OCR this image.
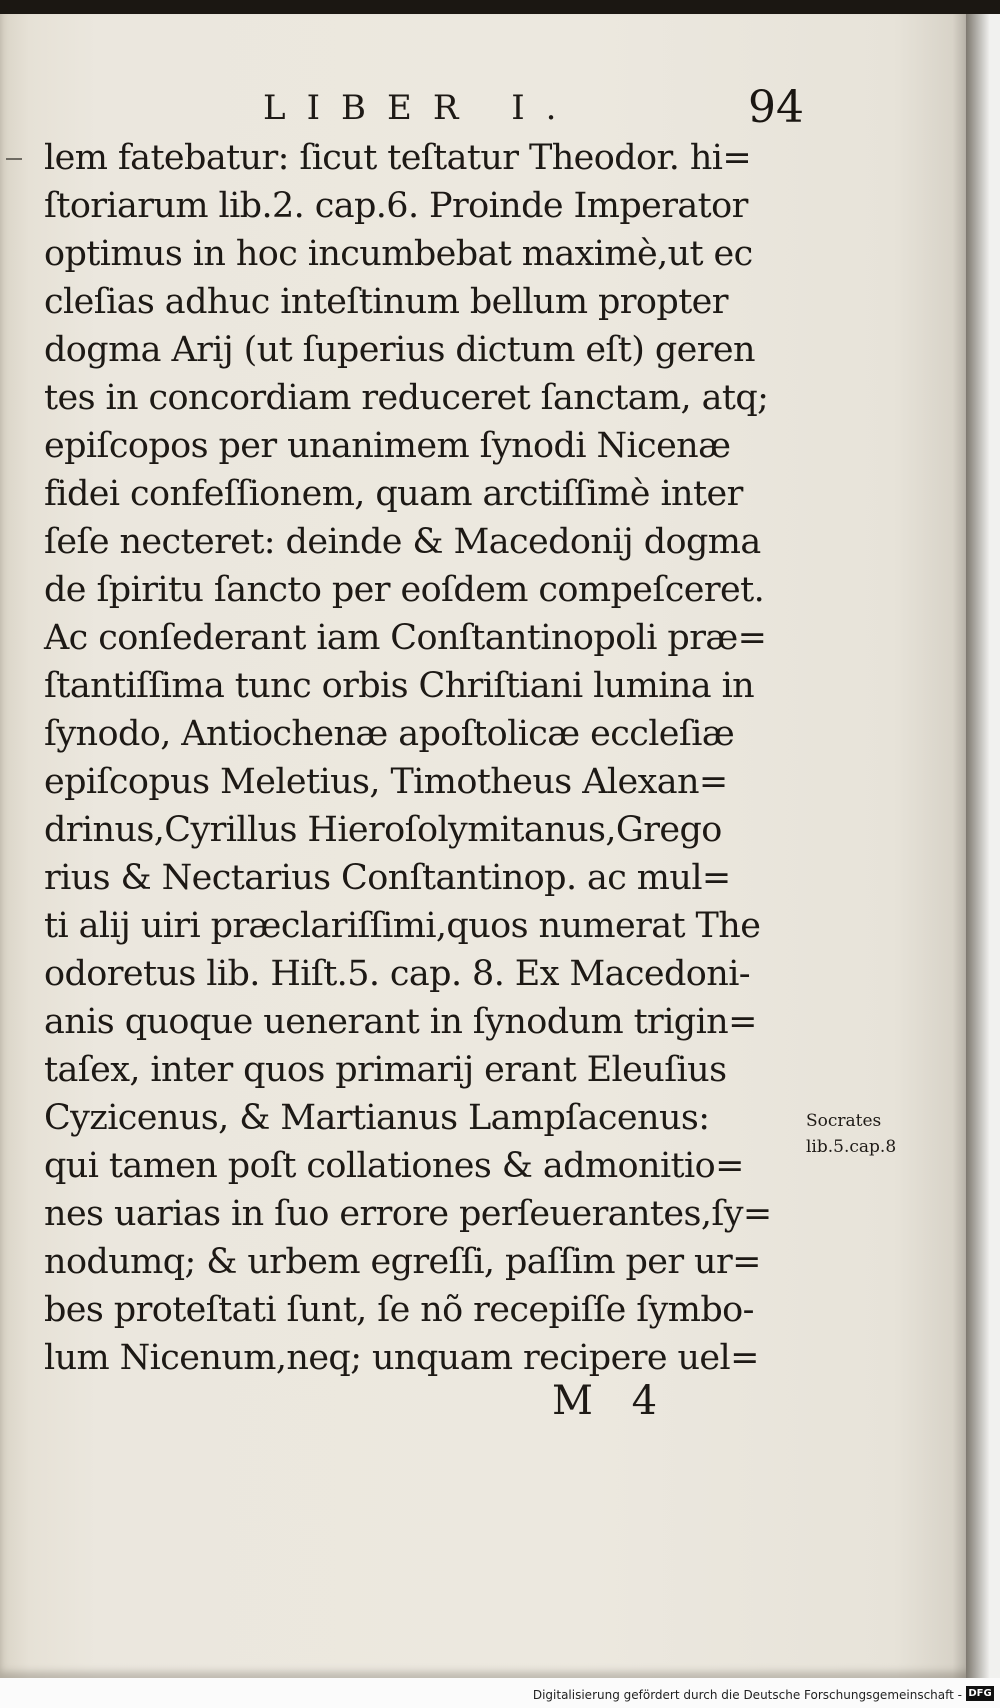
LIBER I.	94
lem fatebatur: ſicut teſtatur Theodor. hi=
ſtoriarum lib.2. cap.6. Proinde Imperator
optimus in hoc incumbebat maximè,ut ec
cleſias adhuc inteſtinum bellum propter
dogma Arij (ut ſuperius dictum eſt) geren
tes in concordiam reduceret ſanctam, atq;
epiſcopos per unanimem ſynodi Nicenæ
fidei confeſſionem, quam arctiſſimè inter
ſeſe necteret: deinde & Macedonij dogma
de ſpiritu ſancto per eoſdem compeſceret.
Ac conſederant iam Conſtantinopoli præ=
ſtantiſſima tunc orbis Chriſtiani lumina in
ſynodo, Antiochenæ apoſtolicæ eccleſiæ
epiſcopus Meletius, Timotheus Alexan=
drinus,Cyrillus Hieroſolymitanus,Grego
rius & Nectarius Conſtantinop. ac mul=
ti alij uiri præclariſſimi,quos numerat The
odoretus lib. Hiſt.5. cap. 8. Ex Macedoni-
anis quoque uenerant in ſynodum trigin=
taſex, inter quos primarij erant Eleuſius
Cyzicenus, & Martianus Lampſacenus:
qui tamen poſt collationes & admonitio=
nes uarias in ſuo errore perſeuerantes,ſy=
nodumq; & urbem egreſſi, paſſim per ur=
bes proteſtati ſunt, ſe nõ recepiſſe ſymbo-
lum Nicenum,neq; unquam recipere uel=
Socrates
lib.5.cap.8
M 4
Digitalisierung gefördert durch die Deutsche Forschungsgemeinschaft - DFG
